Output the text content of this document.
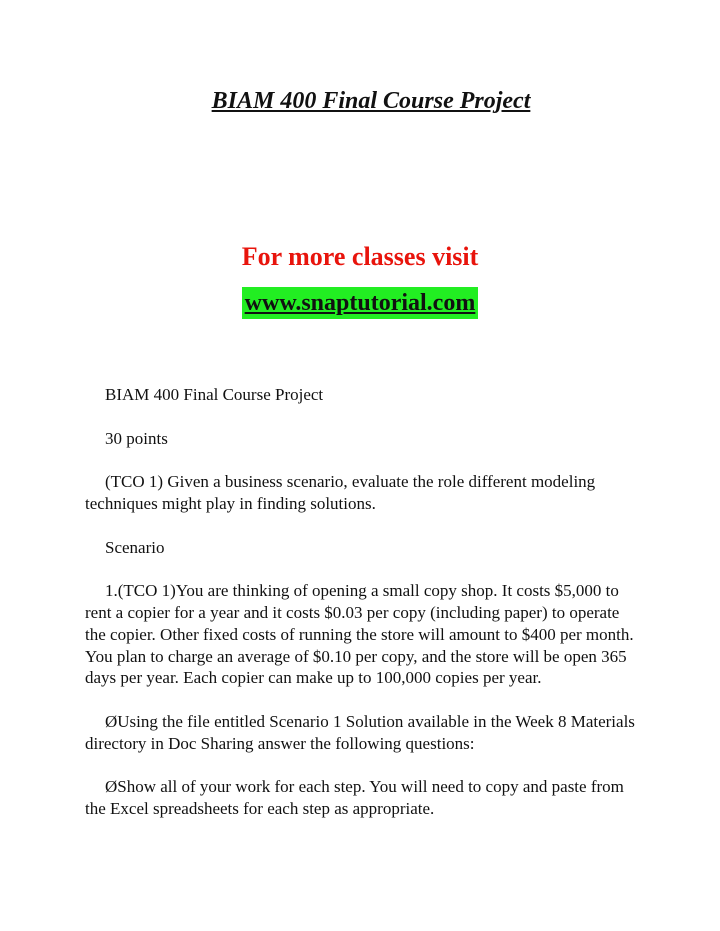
BIAM 400 Final Course Project
For more classes visit
www.snaptutorial.com

BIAM 400 Final Course Project

30 points

(TCO 1) Given a business scenario, evaluate the role different modeling techniques might play in finding solutions.

Scenario

1.(TCO 1)You are thinking of opening a small copy shop. It costs $5,000 to rent a copier for a year and it costs $0.03 per copy (including paper) to operate the copier. Other fixed costs of running the store will amount to $400 per month. You plan to charge an average of $0.10 per copy, and the store will be open 365 days per year. Each copier can make up to 100,000 copies per year.

ØUsing the file entitled Scenario 1 Solution available in the Week 8 Materials directory in Doc Sharing answer the following questions:

ØShow all of your work for each step. You will need to copy and paste from the Excel spreadsheets for each step as appropriate.
